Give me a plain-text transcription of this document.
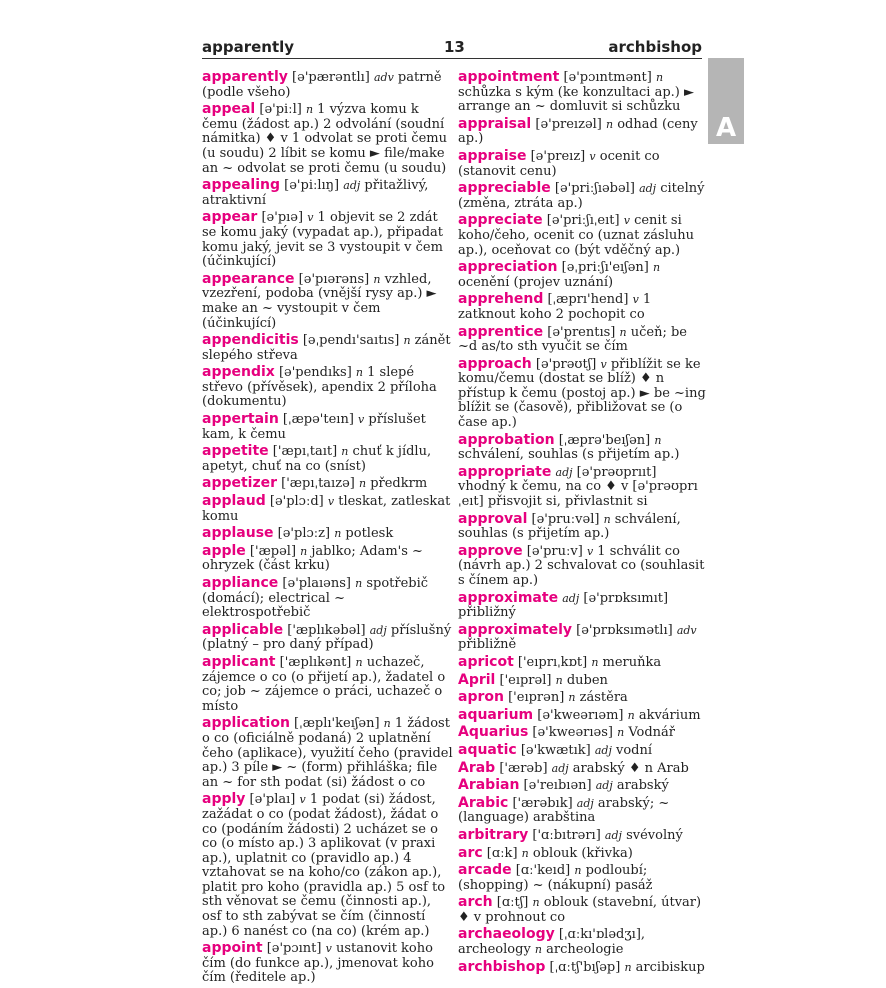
apparently	13	archbishop
A
apparently [ə'pærəntlı] adv patrně (podle všeho)
appeal [ə'piːl] n 1 výzva komu k čemu (žádost ap.) 2 odvolání (soudní námitka) ♦ v 1 odvolat se proti čemu (u soudu) 2 líbit se komu ► file/make an ~ odvolat se proti čemu (u soudu)
appealing [ə'piːlıŋ] adj přitažlivý, atraktivní
appear [ə'pıə] v 1 objevit se 2 zdát se komu jaký (vypadat ap.), připadat komu jaký, jevit se 3 vystoupit v čem (účinkující)
appearance [ə'pıərəns] n vzhled, vzezření, podoba (vnější rysy ap.) ► make an ~ vystoupit v čem (účinkující)
appendicitis [əˌpendı'saıtıs] n zánět slepého střeva
appendix [ə'pendıks] n 1 slepé střevo (přívěsek), apendix 2 příloha (dokumentu)
appertain [ˌæpə'teın] v příslušet kam, k čemu
appetite ['æpıˌtaıt] n chuť k jídlu, apetyt, chuť na co (sníst)
appetizer ['æpıˌtaızə] n předkrm
applaud [ə'plɔːd] v tleskat, zatleskat komu
applause [ə'plɔːz] n potlesk
apple ['æpəl] n jablko; Adam's ~ ohryzek (část krku)
appliance [ə'plaıəns] n spotřebič (domácí); electrical ~ elektrospotřebič
applicable ['æplıkəbəl] adj příslušný (platný – pro daný případ)
applicant ['æplıkənt] n uchazeč, zájemce o co (o přijetí ap.), žadatel o co; job ~ zájemce o práci, uchazeč o místo
application [ˌæplı'keıʃən] n 1 žádost o co (oficiálně podaná) 2 uplatnění čeho (aplikace), využití čeho (pravidel ap.) 3 píle ► ~ (form) přihláška; file an ~ for sth podat (si) žádost o co
apply [ə'plaı] v 1 podat (si) žádost, zažádat o co (podat žádost), žádat o co (podáním žádosti) 2 ucházet se o co (o místo ap.) 3 aplikovat (v praxi ap.), uplatnit co (pravidlo ap.) 4 vztahovat se na koho/co (zákon ap.), platit pro koho (pravidla ap.) 5 osf to sth věnovat se čemu (činnosti ap.), osf to sth zabývat se čím (činností ap.) 6 nanést co (na co) (krém ap.)
appoint [ə'pɔınt] v ustanovit koho čím (do funkce ap.), jmenovat koho čím (ředitele ap.)
appointment [ə'pɔıntmənt] n schůzka s kým (ke konzultaci ap.) ► arrange an ~ domluvit si schůzku
appraisal [ə'preızəl] n odhad (ceny ap.)
appraise [ə'preız] v ocenit co (stanovit cenu)
appreciable [ə'priːʃıəbəl] adj citelný (změna, ztráta ap.)
appreciate [ə'priːʃıˌeıt] v cenit si koho/čeho, ocenit co (uznat zásluhu ap.), oceňovat co (být vděčný ap.)
appreciation [əˌpriːʃı'eıʃən] n ocenění (projev uznání)
apprehend [ˌæprı'hend] v 1 zatknout koho 2 pochopit co
apprentice [ə'prentıs] n učeň; be ~d as/to sth vyučit se čím
approach [ə'prəʊtʃ] v přiblížit se ke komu/čemu (dostat se blíž) ♦ n přístup k čemu (postoj ap.) ► be ~ing blížit se (časově), přibližovat se (o čase ap.)
approbation [ˌæprə'beıʃən] n schválení, souhlas (s přijetím ap.)
appropriate adj [ə'prəʊprııt] vhodný k čemu, na co ♦ v [ə'prəʊprıˌeıt] přisvojit si, přivlastnit si
approval [ə'pruːvəl] n schválení, souhlas (s přijetím ap.)
approve [ə'pruːv] v 1 schválit co (návrh ap.) 2 schvalovat co (souhlasit s čínem ap.)
approximate adj [ə'prɒksımıt] přibližný
approximately [ə'prɒksımətlı] adv přibližně
apricot ['eıprıˌkɒt] n meruňka
April ['eıprəl] n duben
apron ['eıprən] n zástěra
aquarium [ə'kweərıəm] n akvárium
Aquarius [ə'kweərıəs] n Vodnář
aquatic [ə'kwætık] adj vodní
Arab ['ærəb] adj arabský ♦ n Arab
Arabian [ə'reıbıən] adj arabský
Arabic ['ærəbık] adj arabský; ~ (language) arabština
arbitrary ['ɑːbıtrərı] adj svévolný
arc [ɑːk] n oblouk (křivka)
arcade [ɑː'keıd] n podloubí; (shopping) ~ (nákupní) pasáž
arch [ɑːtʃ] n oblouk (stavební, útvar) ♦ v prohnout co
archaeology [ˌɑːkı'ɒlədʒı], archeology n archeologie
archbishop [ˌɑːtʃ'bıʃəp] n arcibiskup
